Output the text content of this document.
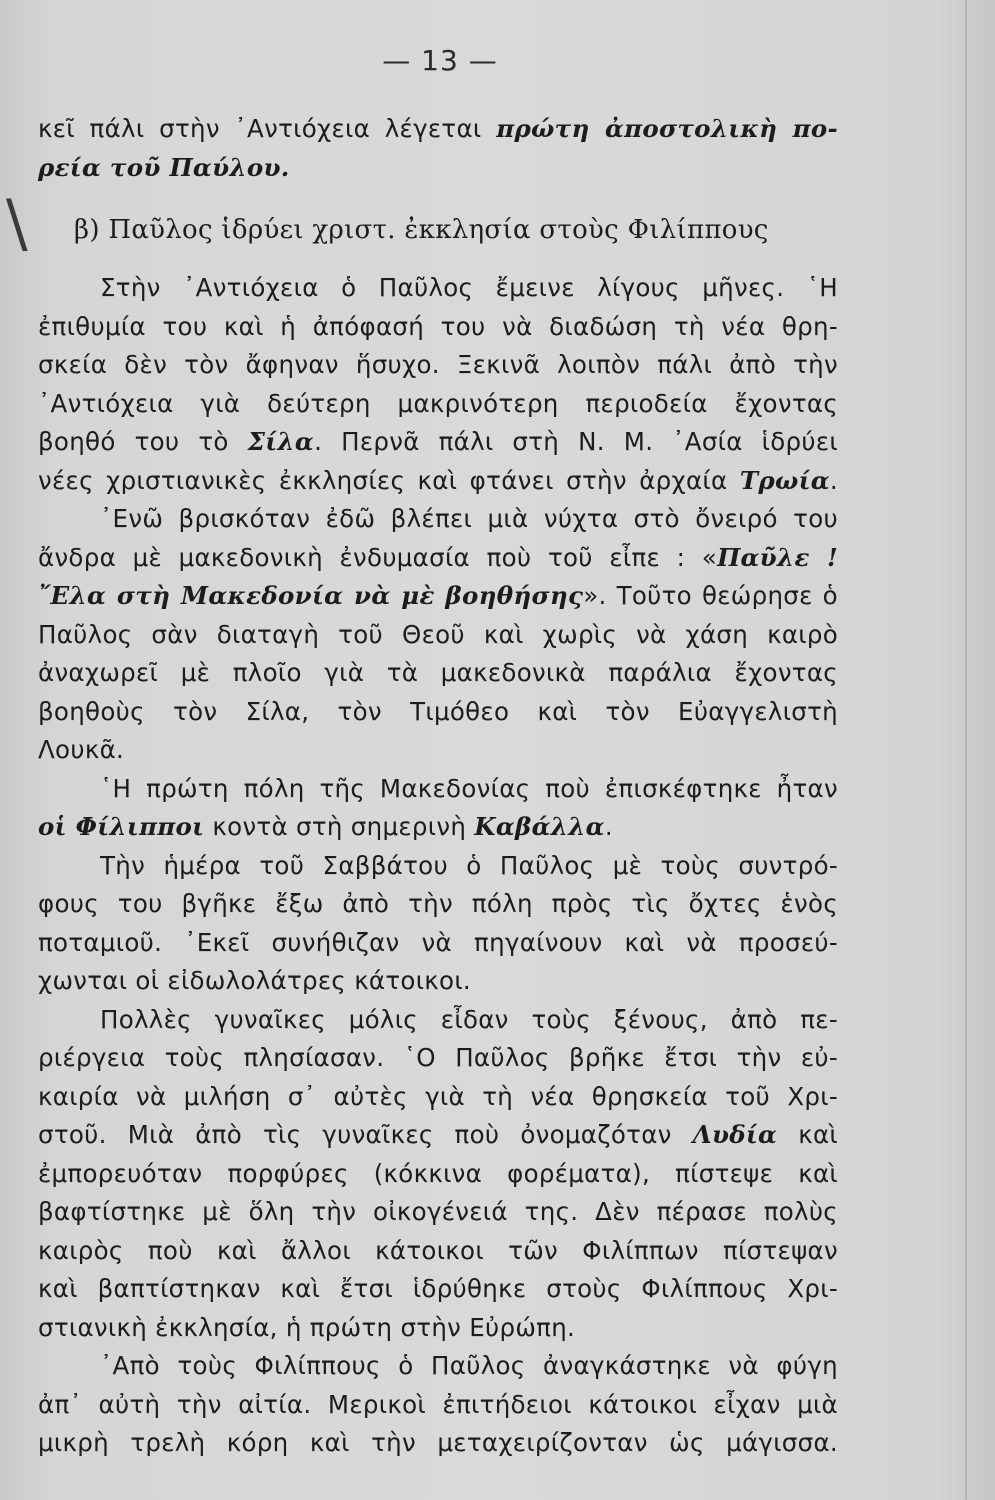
\
— 13 —
κεῖ πάλι στὴν ᾿Αντιόχεια λέγεται πρώτη ἀποστολικὴ πο-
ρεία τοῦ Παύλου.
β) Παῦλος ἱδρύει χριστ. ἐκκλησία στοὺς Φιλίππους
Στὴν ᾿Αντιόχεια ὁ Παῦλος ἔμεινε λίγους μῆνες. ῾Η
ἐπιθυμία του καὶ ἡ ἀπόφασή του νὰ διαδώση τὴ νέα θρη-
σκεία δὲν τὸν ἄφηναν ἥσυχο. Ξεκινᾶ λοιπὸν πάλι ἀπὸ τὴν
᾿Αντιόχεια γιὰ δεύτερη μακρινότερη περιοδεία ἔχοντας
βοηθό του τὸ Σίλα. Περνᾶ πάλι στὴ Ν. Μ. ᾿Ασία ἱδρύει
νέες χριστιανικὲς ἐκκλησίες καὶ φτάνει στὴν ἀρχαία Τρωία.
᾿Ενῶ βρισκόταν ἐδῶ βλέπει μιὰ νύχτα στὸ ὄνειρό του
ἄνδρα μὲ μακεδονικὴ ἐνδυμασία ποὺ τοῦ εἶπε : «Παῦλε !
῎Ελα στὴ Μακεδονία νὰ μὲ βοηθήσης». Τοῦτο θεώρησε ὁ
Παῦλος σὰν διαταγὴ τοῦ Θεοῦ καὶ χωρὶς νὰ χάση καιρὸ
ἀναχωρεῖ μὲ πλοῖο γιὰ τὰ μακεδονικὰ παράλια ἔχοντας
βοηθοὺς τὸν Σίλα, τὸν Τιμόθεο καὶ τὸν Εὐαγγελιστὴ
Λουκᾶ.
῾Η πρώτη πόλη τῆς Μακεδονίας ποὺ ἐπισκέφτηκε ἦταν
οἱ Φίλιπποι κοντὰ στὴ σημερινὴ Καβάλλα.
Τὴν ἡμέρα τοῦ Σαββάτου ὁ Παῦλος μὲ τοὺς συντρό-
φους του βγῆκε ἔξω ἀπὸ τὴν πόλη πρὸς τὶς ὄχτες ἑνὸς
ποταμιοῦ. ᾿Εκεῖ συνήθιζαν νὰ πηγαίνουν καὶ νὰ προσεύ-
χωνται οἱ εἰδωλολάτρες κάτοικοι.
Πολλὲς γυναῖκες μόλις εἶδαν τοὺς ξένους, ἀπὸ πε-
ριέργεια τοὺς πλησίασαν. ῾Ο Παῦλος βρῆκε ἔτσι τὴν εὐ-
καιρία νὰ μιλήση σ᾿ αὐτὲς γιὰ τὴ νέα θρησκεία τοῦ Χρι-
στοῦ. Μιὰ ἀπὸ τὶς γυναῖκες ποὺ ὀνομαζόταν Λυδία καὶ
ἐμπορευόταν πορφύρες (κόκκινα φορέματα), πίστεψε καὶ
βαφτίστηκε μὲ ὅλη τὴν οἰκογένειά της. Δὲν πέρασε πολὺς
καιρὸς ποὺ καὶ ἄλλοι κάτοικοι τῶν Φιλίππων πίστεψαν
καὶ βαπτίστηκαν καὶ ἔτσι ἱδρύθηκε στοὺς Φιλίππους Χρι-
στιανικὴ ἐκκλησία, ἡ πρώτη στὴν Εὐρώπη.
᾿Απὸ τοὺς Φιλίππους ὁ Παῦλος ἀναγκάστηκε νὰ φύγη
ἀπ᾿ αὐτὴ τὴν αἰτία. Μερικοὶ ἐπιτήδειοι κάτοικοι εἶχαν μιὰ
μικρὴ τρελὴ κόρη καὶ τὴν μεταχειρίζονταν ὡς μάγισσα.
